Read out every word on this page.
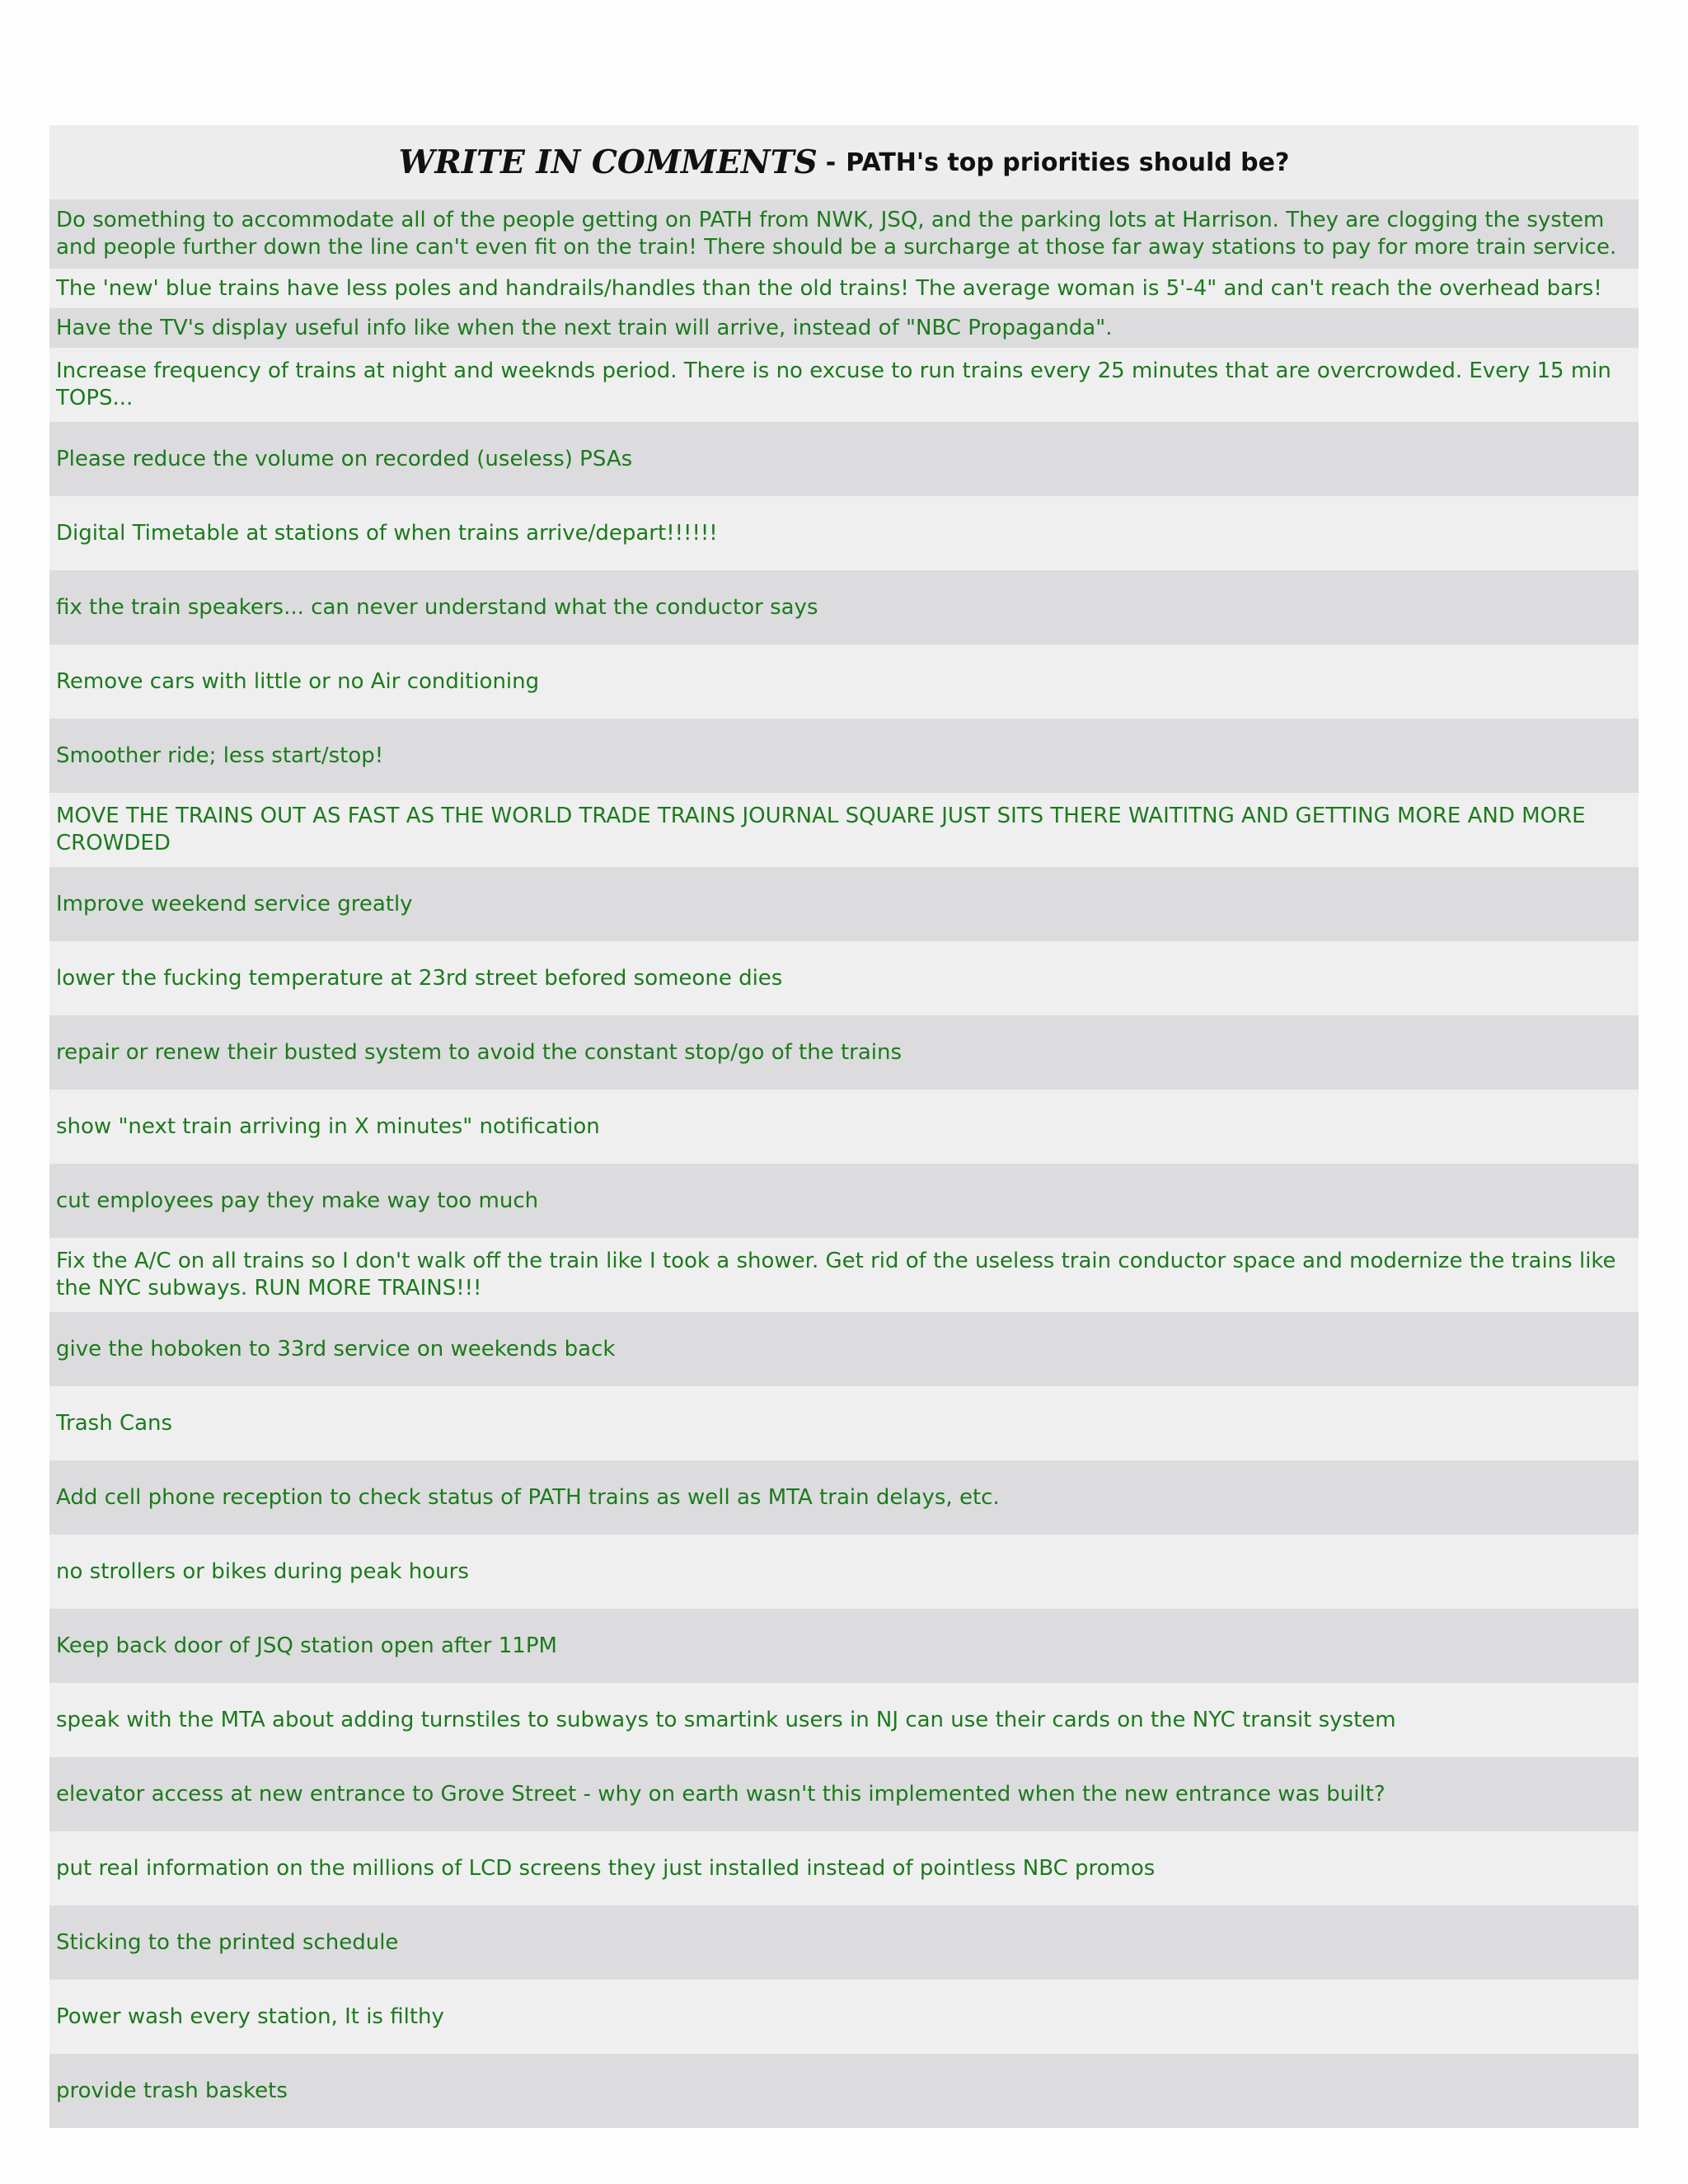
WRITE IN COMMENTS - PATH's top priorities should be?
Do something to accommodate all of the people getting on PATH from NWK, JSQ, and the parking lots at Harrison. They are clogging the system and people further down the line can't even fit on the train! There should be a surcharge at those far away stations to pay for more train service.
The 'new' blue trains have less poles and handrails/handles than the old trains! The average woman is 5'-4" and can't reach the overhead bars!
Have the TV's display useful info like when the next train will arrive, instead of "NBC Propaganda".
Increase frequency of trains at night and weeknds period. There is no excuse to run trains every 25 minutes that are overcrowded. Every 15 min TOPS...
Please reduce the volume on recorded (useless) PSAs
Digital Timetable at stations of when trains arrive/depart!!!!!!
fix the train speakers... can never understand what the conductor says
Remove cars with little or no Air conditioning
Smoother ride; less start/stop!
MOVE THE TRAINS OUT AS FAST AS THE WORLD TRADE TRAINS JOURNAL SQUARE JUST SITS THERE WAITITNG AND GETTING MORE AND MORE CROWDED
Improve weekend service greatly
lower the fucking temperature at 23rd street befored someone dies
repair or renew their busted system to avoid the constant stop/go of the trains
show "next train arriving in X minutes" notification
cut employees pay they make way too much
Fix the A/C on all trains so I don't walk off the train like I took a shower. Get rid of the useless train conductor space and modernize the trains like the NYC subways. RUN MORE TRAINS!!!
give the hoboken to 33rd service on weekends back
Trash Cans
Add cell phone reception to check status of PATH trains as well as MTA train delays, etc.
no strollers or bikes during peak hours
Keep back door of JSQ station open after 11PM
speak with the MTA about adding turnstiles to subways to smartink users in NJ can use their cards on the NYC transit system
elevator access at new entrance to Grove Street - why on earth wasn't this implemented when the new entrance was built?
put real information on the millions of LCD screens they just installed instead of pointless NBC promos
Sticking to the printed schedule
Power wash every station, It is filthy
provide trash baskets
